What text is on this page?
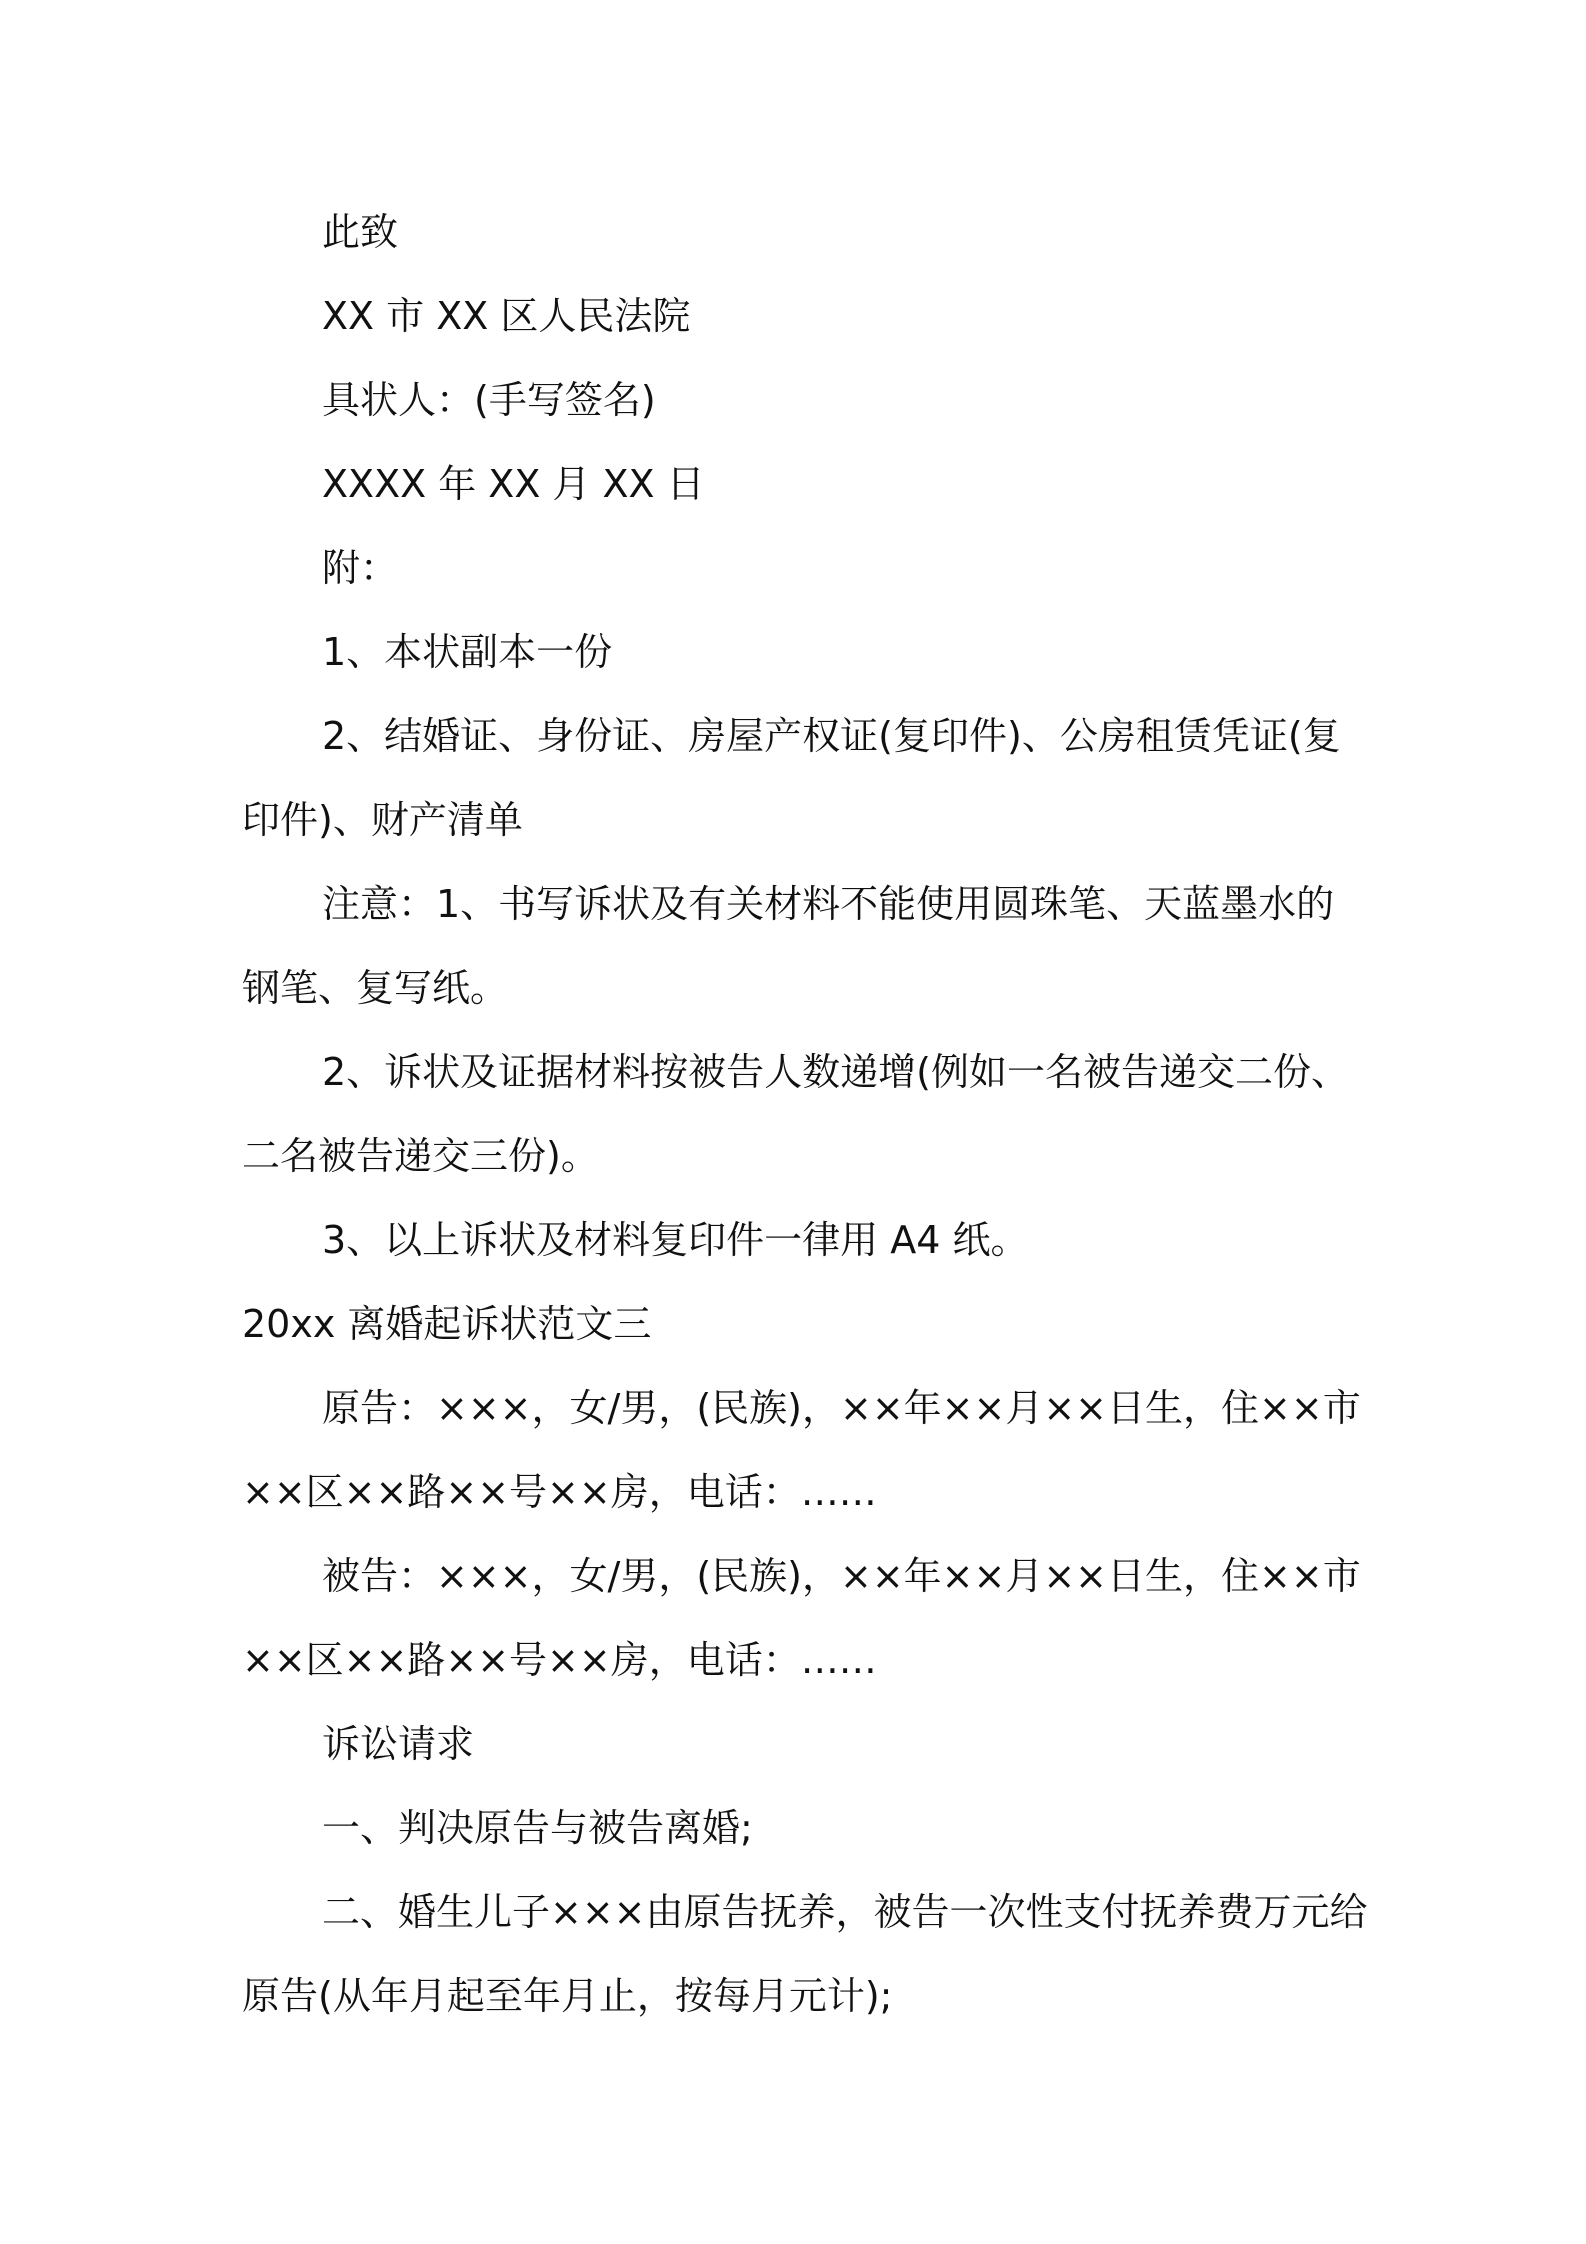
此致
XX 市 XX 区人民法院
具状人：(手写签名)
XXXX 年 XX 月 XX 日
附：

1、本状副本一份

2、结婚证、身份证、房屋产权证(复印件)、公房租赁凭证(复印件)、财产清单

注意：1、书写诉状及有关材料不能使用圆珠笔、天蓝墨水的钢笔、复写纸。

2、诉状及证据材料按被告人数递增(例如一名被告递交二份、二名被告递交三份)。

3、以上诉状及材料复印件一律用 A4 纸。

20xx 离婚起诉状范文三

原告：×××，女/男，(民族)，××年××月××日生，住××市××区××路××号××房，电话：……

被告：×××，女/男，(民族)，××年××月××日生，住××市××区××路××号××房，电话：……

诉讼请求

一、判决原告与被告离婚;

二、婚生儿子×××由原告抚养，被告一次性支付抚养费万元给原告(从年月起至年月止，按每月元计);
